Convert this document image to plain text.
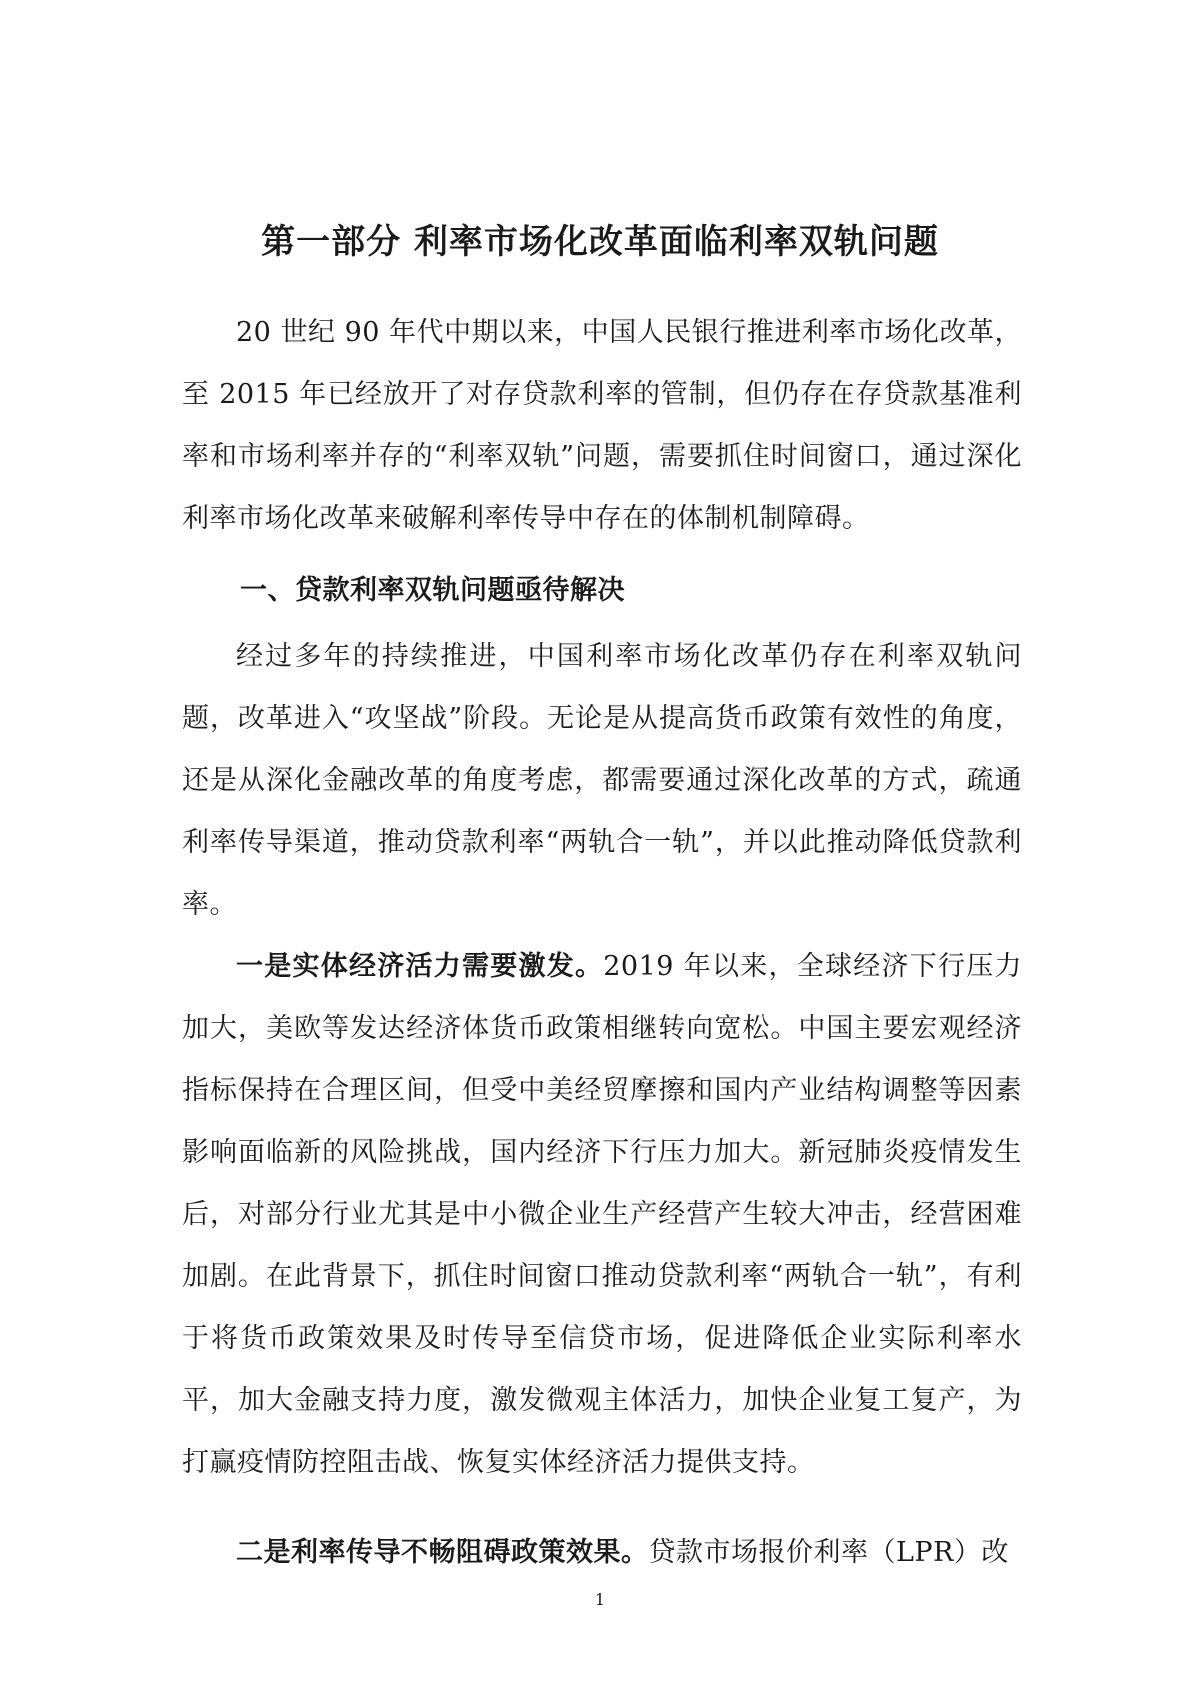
第一部分 利率市场化改革面临利率双轨问题

20 世纪 90 年代中期以来，中国人民银行推进利率市场化改革，至 2015 年已经放开了对存贷款利率的管制，但仍存在存贷款基准利率和市场利率并存的“利率双轨”问题，需要抓住时间窗口，通过深化利率市场化改革来破解利率传导中存在的体制机制障碍。

一、贷款利率双轨问题亟待解决

经过多年的持续推进，中国利率市场化改革仍存在利率双轨问题，改革进入“攻坚战”阶段。无论是从提高货币政策有效性的角度，还是从深化金融改革的角度考虑，都需要通过深化改革的方式，疏通利率传导渠道，推动贷款利率“两轨合一轨”，并以此推动降低贷款利率。

一是实体经济活力需要激发。2019 年以来，全球经济下行压力加大，美欧等发达经济体货币政策相继转向宽松。中国主要宏观经济指标保持在合理区间，但受中美经贸摩擦和国内产业结构调整等因素影响面临新的风险挑战，国内经济下行压力加大。新冠肺炎疫情发生后，对部分行业尤其是中小微企业生产经营产生较大冲击，经营困难加剧。在此背景下，抓住时间窗口推动贷款利率“两轨合一轨”，有利于将货币政策效果及时传导至信贷市场，促进降低企业实际利率水平，加大金融支持力度，激发微观主体活力，加快企业复工复产，为打赢疫情防控阻击战、恢复实体经济活力提供支持。

二是利率传导不畅阻碍政策效果。贷款市场报价利率（LPR）改

1
